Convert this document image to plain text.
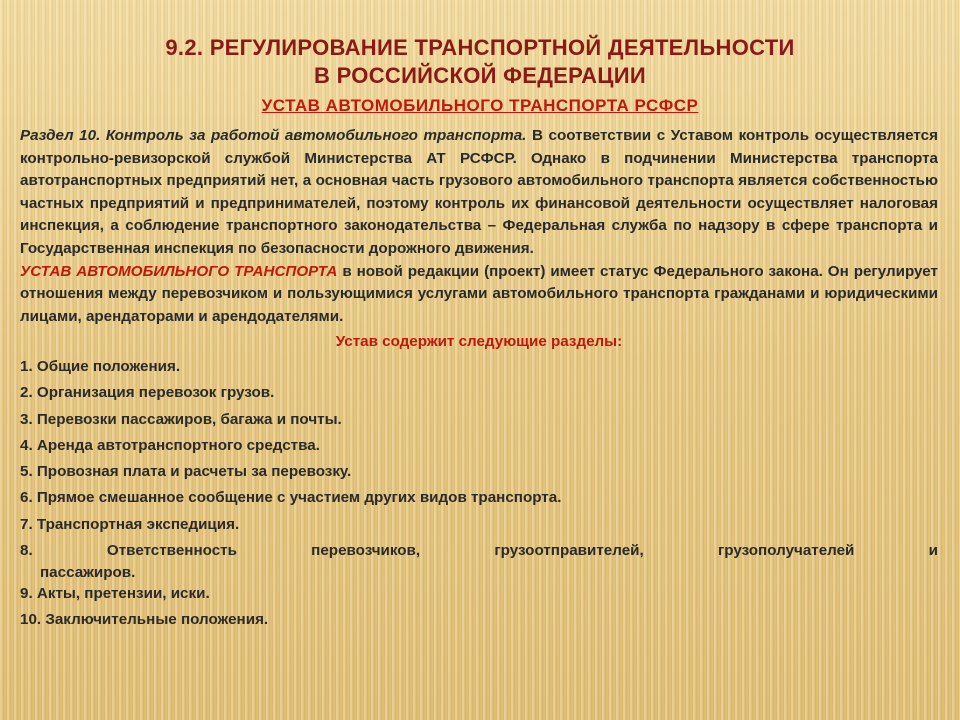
9.2. РЕГУЛИРОВАНИЕ ТРАНСПОРТНОЙ ДЕЯТЕЛЬНОСТИ
В РОССИЙСКОЙ ФЕДЕРАЦИИ
УСТАВ АВТОМОБИЛЬНОГО ТРАНСПОРТА РСФСР

Раздел 10. Контроль за работой автомобильного транспорта. В соответствии с Уставом контроль осуществляется контрольно-ревизорской службой Министерства АТ РСФСР. Однако в подчинении Министерства транспорта автотранспортных предприятий нет, а основная часть грузового автомобильного транспорта является собственностью частных предприятий и предпринимателей, поэтому контроль их финансовой деятельности осуществляет налоговая инспекция, а соблюдение транспортного законодательства – Федеральная служба по надзору в сфере транспорта и Государственная инспекция по безопасности дорожного движения.

УСТАВ АВТОМОБИЛЬНОГО ТРАНСПОРТА в новой редакции (проект) имеет статус Федерального закона. Он регулирует отношения между перевозчиком и пользующимися услугами автомобильного транспорта гражданами и юридическими лицами, арендаторами и арендодателями.

Устав содержит следующие разделы:
1. Общие положения.
2. Организация перевозок грузов.
3. Перевозки пассажиров, багажа и почты.
4. Аренда автотранспортного средства.
5. Провозная плата и расчеты за перевозку.
6. Прямое смешанное сообщение с участием других видов транспорта.
7. Транспортная экспедиция.
8. Ответственность перевозчиков, грузоотправителей, грузополучателей и
пассажиров.
9. Акты, претензии, иски.
10. Заключительные положения.
